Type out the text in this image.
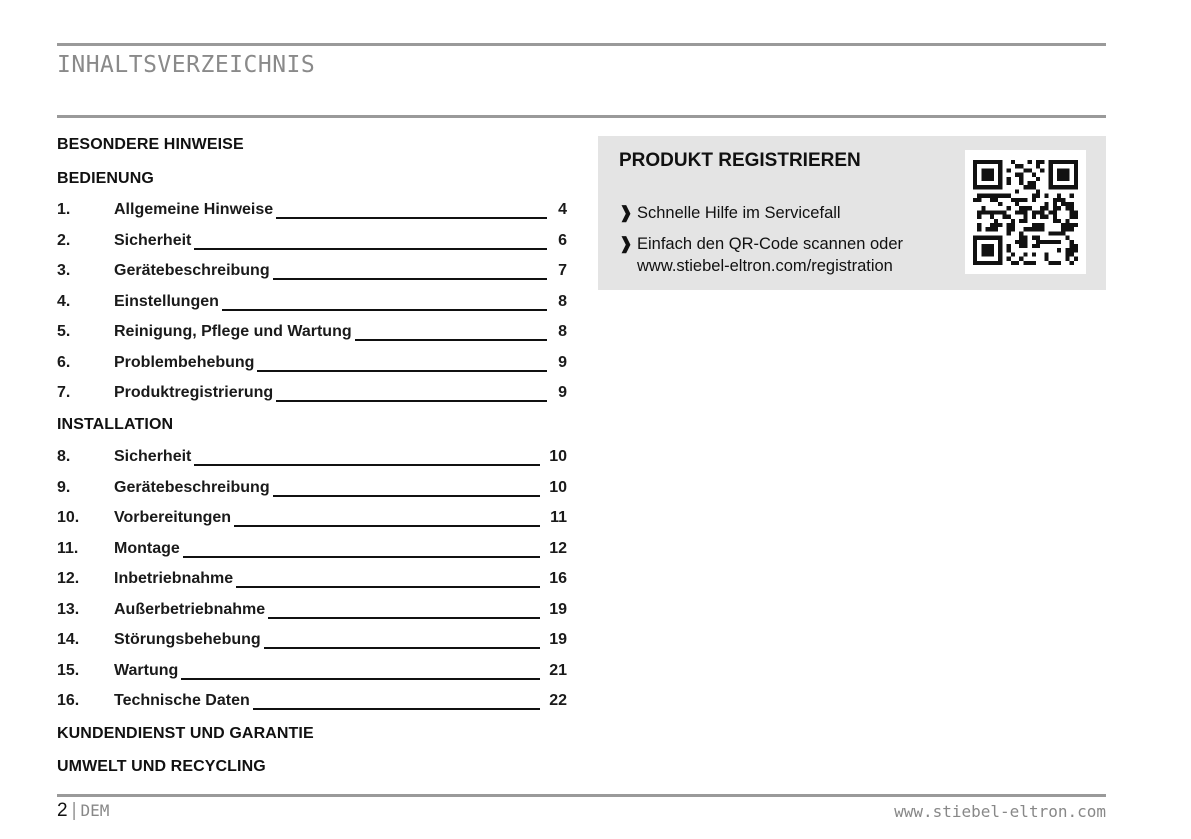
INHALTSVERZEICHNIS
BESONDERE HINWEISE
BEDIENUNG
1.	Allgemeine Hinweise	4
2.	Sicherheit	6
3.	Gerätebeschreibung	7
4.	Einstellungen	8
5.	Reinigung, Pflege und Wartung	8
6.	Problembehebung	9
7.	Produktregistrierung	9
INSTALLATION
8.	Sicherheit	10
9.	Gerätebeschreibung	10
10.	Vorbereitungen	11
11.	Montage	12
12.	Inbetriebnahme	16
13.	Außerbetriebnahme	19
14.	Störungsbehebung	19
15.	Wartung	21
16.	Technische Daten	22
KUNDENDIENST UND GARANTIE
UMWELT UND RECYCLING
PRODUKT REGISTRIEREN
❱ Schnelle Hilfe im Servicefall
❱ Einfach den QR-Code scannen oder
www.stiebel-eltron.com/registration
2 | DEM	www.stiebel-eltron.com
